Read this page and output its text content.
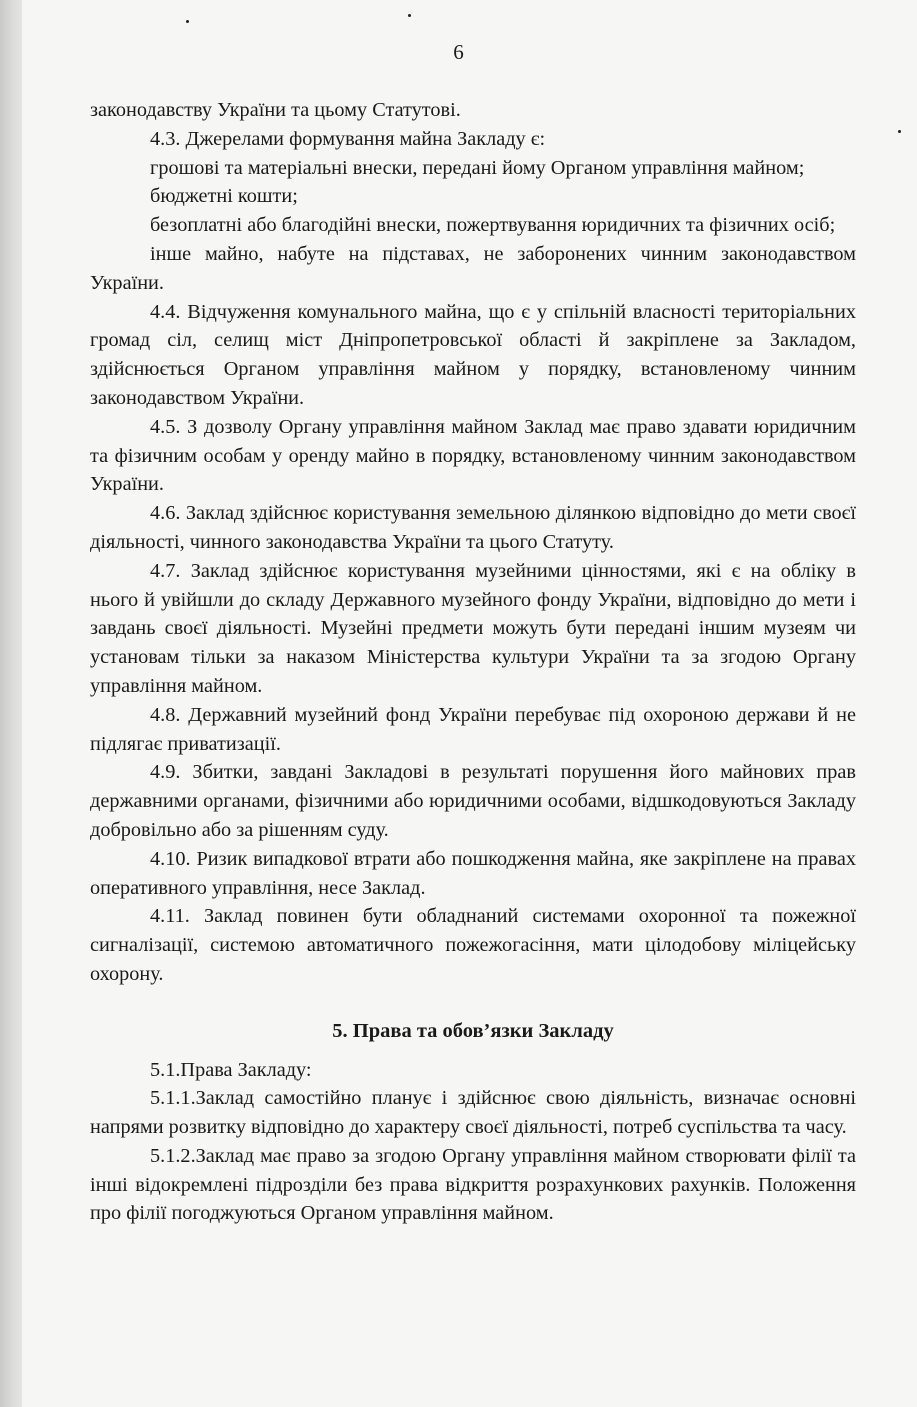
6

законодавству України та цьому Статутові.

4.3. Джерелами формування майна Закладу є:

грошові та матеріальні внески, передані йому Органом управління майном;

бюджетні кошти;

безоплатні або благодійні внески, пожертвування юридичних та фізичних осіб;

інше майно, набуте на підставах, не заборонених чинним законодавством України.

4.4. Відчуження комунального майна, що є у спільній власності територіальних громад сіл, селищ міст Дніпропетровської області й закріплене за Закладом, здійснюється Органом управління майном у порядку, встановленому чинним законодавством України.

4.5. З дозволу Органу управління майном Заклад має право здавати юридичним та фізичним особам у оренду майно в порядку, встановленому чинним законодавством України.

4.6. Заклад здійснює користування земельною ділянкою відповідно до мети своєї діяльності, чинного законодавства України та цього Статуту.

4.7. Заклад здійснює користування музейними цінностями, які є на обліку в нього й увійшли до складу Державного музейного фонду України, відповідно до мети і завдань своєї діяльності. Музейні предмети можуть бути передані іншим музеям чи установам тільки за наказом Міністерства культури України та за згодою Органу управління майном.

4.8. Державний музейний фонд України перебуває під охороною держави й не підлягає приватизації.

4.9. Збитки, завдані Закладові в результаті порушення його майнових прав державними органами, фізичними або юридичними особами, відшкодовуються Закладу добровільно або за рішенням суду.

4.10. Ризик випадкової втрати або пошкодження майна, яке закріплене на правах оперативного управління, несе Заклад.

4.11. Заклад повинен бути обладнаний системами охоронної та пожежної сигналізації, системою автоматичного пожежогасіння, мати цілодобову міліцейську охорону.

5. Права та обов’язки Закладу

5.1.Права Закладу:

5.1.1.Заклад самостійно планує і здійснює свою діяльність, визначає основні напрями розвитку відповідно до характеру своєї діяльності, потреб суспільства та часу.

5.1.2.Заклад має право за згодою Органу управління майном створювати філії та інші відокремлені підрозділи без права відкриття розрахункових рахунків. Положення про філії погоджуються Органом управління майном.
